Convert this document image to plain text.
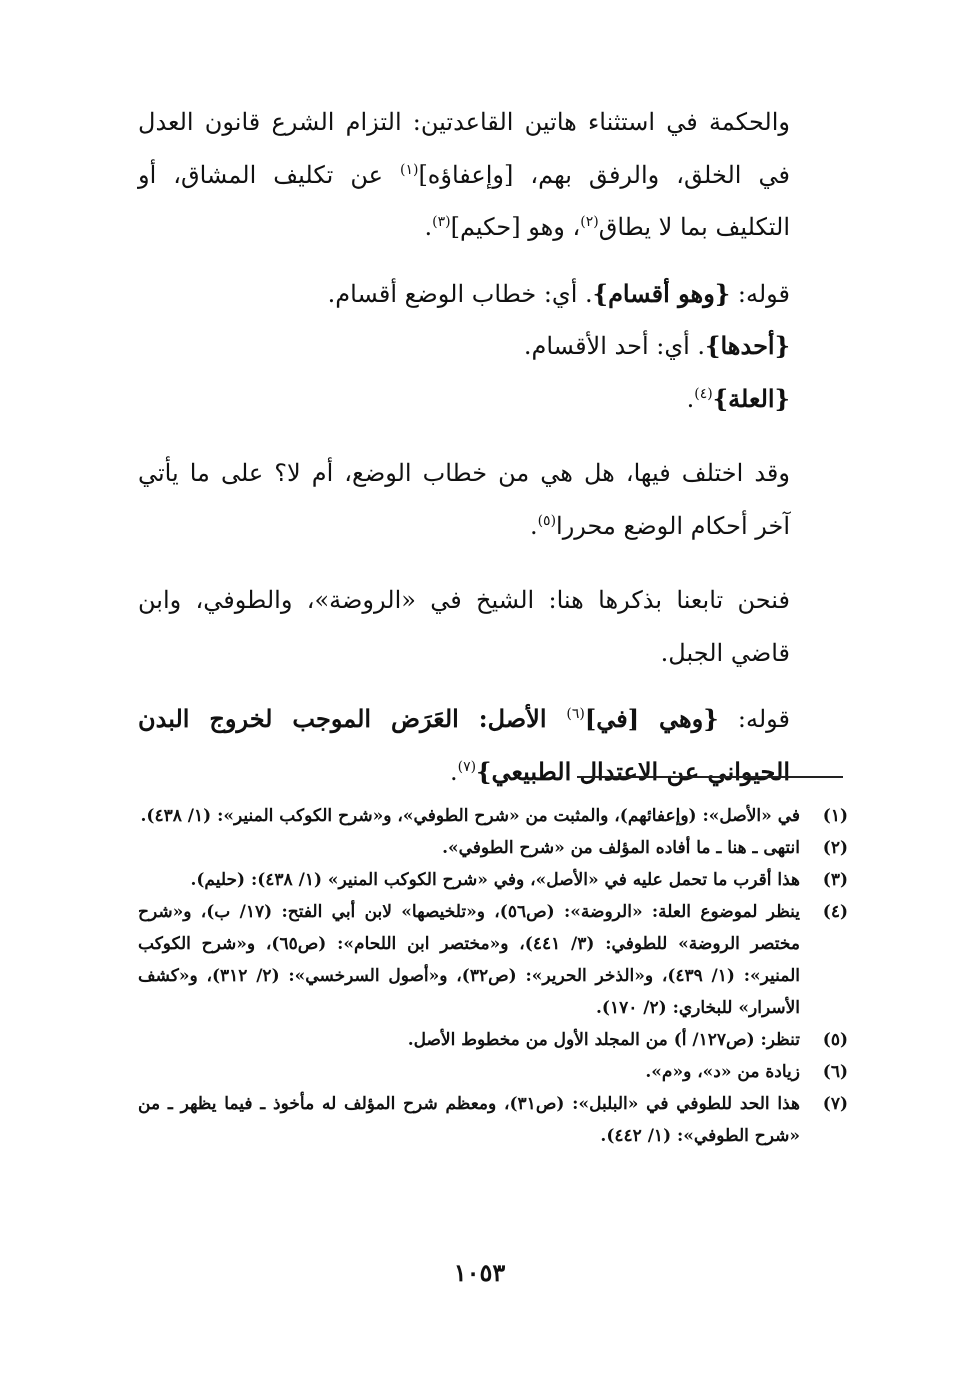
والحكمة في استثناء هاتين القاعدتين: التزام الشرع قانون العدل في الخلق، والرفق بهم، [وإعفاؤه]$^{(١)}$ عن تكليف المشاق، أو التكليف بما لا يطاق$^{(٢)}$، وهو [حكيم]$^{(٣)}$.

قوله: {وهو أقسام}. أي: خطاب الوضع أقسام.

{أحدها}. أي: أحد الأقسام.

{العلة}$^{(٤)}$.

وقد اختلف فيها، هل هي من خطاب الوضع، أم لا؟ على ما يأتي آخر أحكام الوضع محررا$^{(٥)}$.

فنحن تابعنا بذكرها هنا: الشيخ في «الروضة»، والطوفي، وابن قاضي الجبل.

قوله: {وهي [في]$^{(٦)}$ الأصل: العَرَض الموجب لخروج البدن الحيواني عن الاعتدال الطبيعي}$^{(٧)}$.

(١)
في «الأصل»: (وإعفائهم)، والمثبت من «شرح الطوفي»، و«شرح الكوكب المنير»: (١/ ٤٣٨).
(٢)
انتهى ـ هنا ـ ما أفاده المؤلف من «شرح الطوفي».
(٣)
هذا أقرب ما تحمل عليه في «الأصل»، وفي «شرح الكوكب المنير» (١/ ٤٣٨): (حليم).
(٤)
ينظر لموضوع العلة: «الروضة»: (ص٥٦)، و«تلخيصها» لابن أبي الفتح: (١٧/ ب)، و«شرح مختصر الروضة» للطوفي: (٣/ ٤٤١)، و«مختصر ابن اللحام»: (ص٦٥)، و«شرح الكوكب المنير»: (١/ ٤٣٩)، و«الذخر الحرير»: (ص٣٢)، و«أصول السرخسي»: (٢/ ٣١٢)، و«كشف الأسرار» للبخاري: (٢/ ١٧٠).
(٥)
تنظر: (ص١٢٧/ أ) من المجلد الأول من مخطوط الأصل.
(٦)
زيادة من «د»، و«م».
(٧)
هذا الحد للطوفي في «البلبل»: (ص٣١)، ومعظم شرح المؤلف له مأخوذ ـ فيما يظهر ـ من «شرح الطوفي»: (١/ ٤٤٢).
١٠٥٣
